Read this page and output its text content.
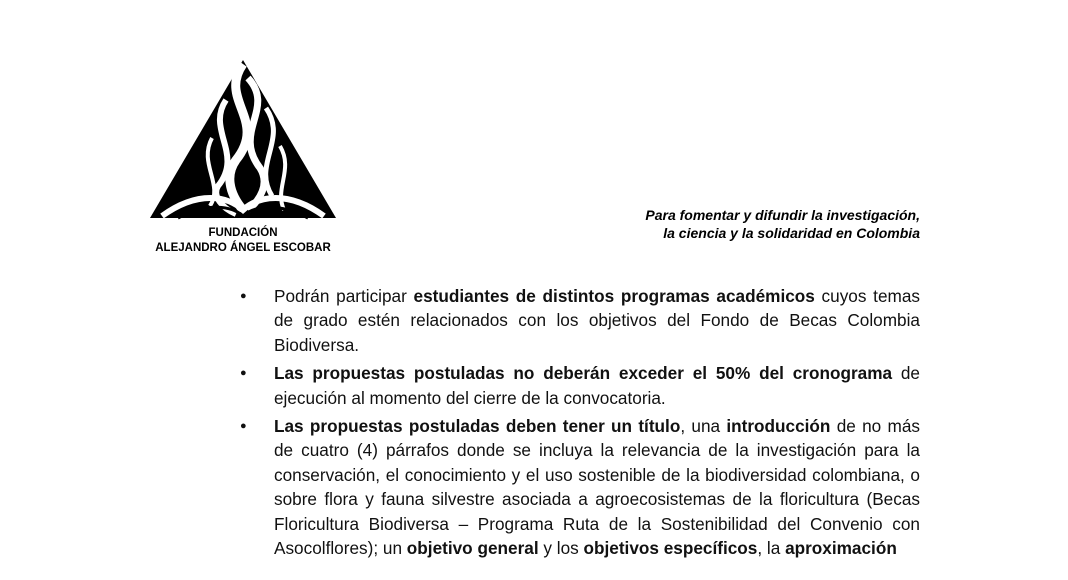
FUNDACIÓN
ALEJANDRO ÁNGEL ESCOBAR
Para fomentar y difundir la investigación,
la ciencia y la solidaridad en Colombia
● Podrán participar estudiantes de distintos programas académicos cuyos temas de grado estén relacionados con los objetivos del Fondo de Becas Colombia Biodiversa.
● Las propuestas postuladas no deberán exceder el 50% del cronograma de ejecución al momento del cierre de la convocatoria.
● Las propuestas postuladas deben tener un título, una introducción de no más de cuatro (4) párrafos donde se incluya la relevancia de la investigación para la conservación, el conocimiento y el uso sostenible de la biodiversidad colombiana, o sobre flora y fauna silvestre asociada a agroecosistemas de la floricultura (Becas Floricultura Biodiversa – Programa Ruta de la Sostenibilidad del Convenio con Asocolflores); un objetivo general y los objetivos específicos, la aproximación
